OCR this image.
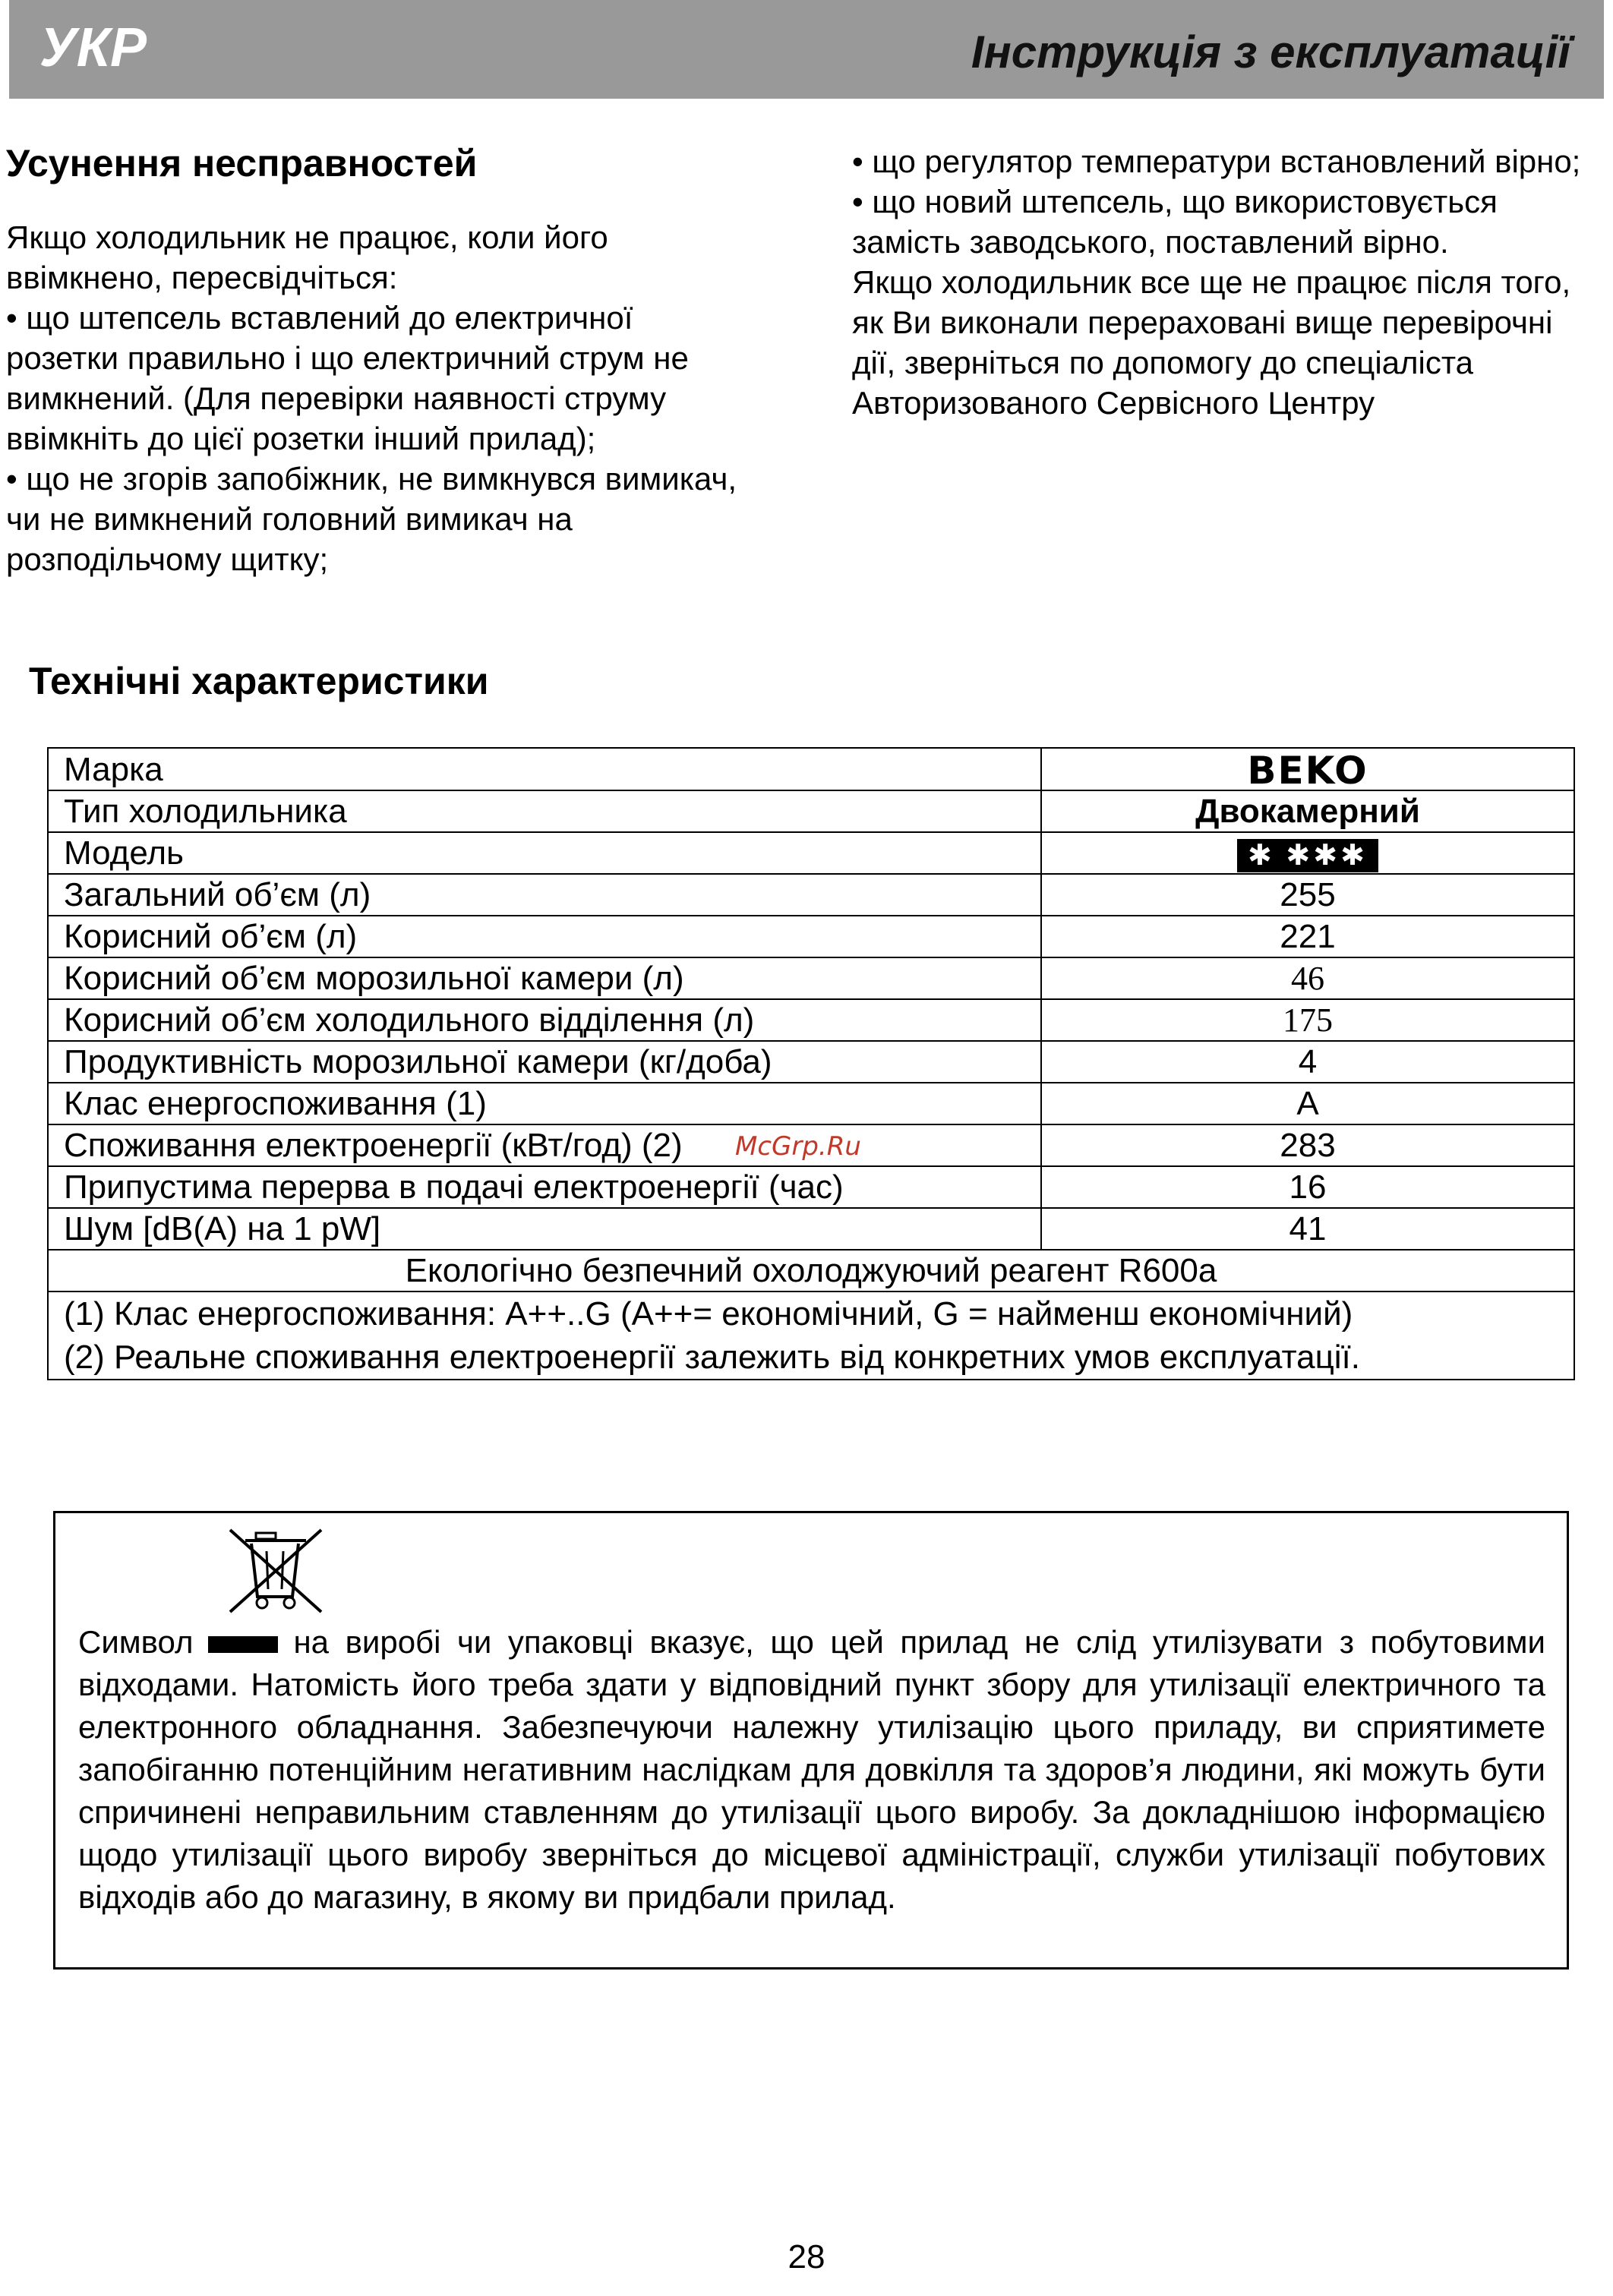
УКР	Інструкція з експлуатації
Усунення несправностей

Якщо холодильник не працює, коли його ввімкнено, пересвідчіться:

• що штепсель вставлений до електричної розетки правильно і що електричний струм не вимкнений. (Для перевірки наявності струму ввімкніть до цієї розетки інший прилад);

• що не згорів запобіжник, не вимкнувся вимикач, чи не вимкнений головний вимикач на розподільчому щитку;

• що регулятор температури встановлений вірно;

• що новий штепсель, що використовується замість заводського, поставлений вірно.

Якщо холодильник все ще не працює після того, як Ви виконали перераховані вище перевірочні дії, зверніться по допомогу до спеціаліста Авторизованого Сервісного Центру

Технічні характеристики
Марка	BEKO
Тип холодильника	Двокамерний
Модель	✱ ✱✱✱
Загальний об’єм (л)	255
Корисний об’єм (л)	221
Корисний об’єм морозильної камери (л)	46
Корисний об’єм холодильного відділення (л)	175
Продуктивність морозильної камери (кг/доба)	4
Клас енергоспоживання (1)	A
Споживання електроенергії (кВт/год) (2)	283
Припустима перерва в подачі електроенергії (час)	16
Шум [dB(A) на 1 pW]	41
Екологічно безпечний охолоджуючий реагент R600a	

(1) Клас енергоспоживання: A++..G (A++= економічний, G = найменш економічний)
(2) Реальне споживання електроенергії залежить від конкретних умов експлуатації.	
McGrp.Ru

Символ	на виробі чи упаковці вказує, що цей прилад не слід утилізувати з побутовими відходами. Натомість його треба здати у відповідний пункт збору для утилізації електричного та електронного обладнання. Забезпечуючи належну утилізацію цього приладу, ви сприятимете запобіганню потенційним негативним наслідкам для довкілля та здоров’я людини, які можуть бути спричинені неправильним ставленням до утилізації цього виробу. За докладнішою інформацією щодо утилізації цього виробу зверніться до місцевої адміністрації, служби утилізації побутових відходів або до магазину, в якому ви придбали прилад.

28
